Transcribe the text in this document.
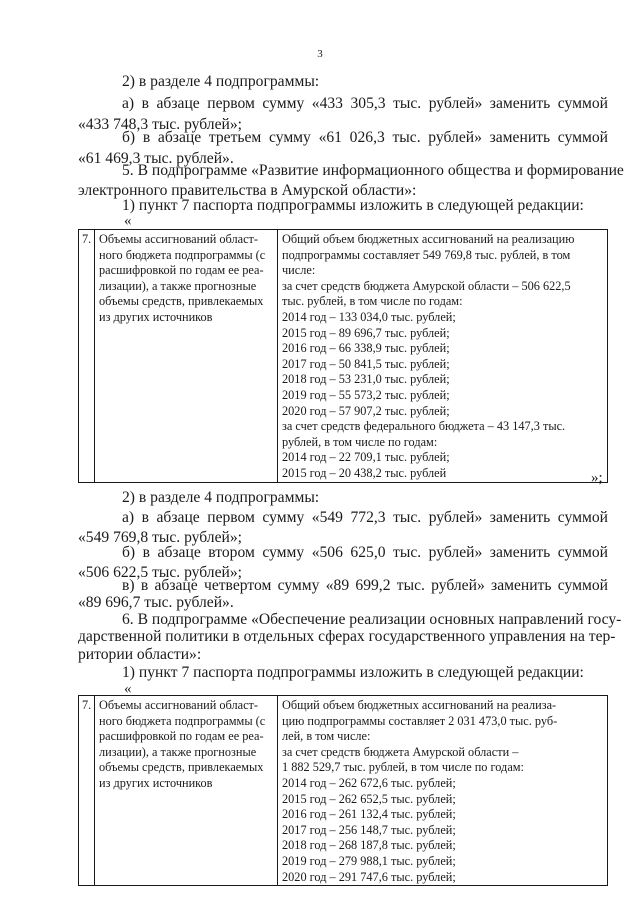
3
2) в разделе 4 подпрограммы:
а) в абзаце первом сумму «433 305,3 тыс. рублей» заменить суммой
«433 748,3 тыс. рублей»;
б) в абзаце третьем сумму «61 026,3 тыс. рублей» заменить суммой
«61 469,3 тыс. рублей».
5. В подпрограмме «Развитие информационного общества и формирование
электронного правительства в Амурской области»:
1) пункт 7 паспорта подпрограммы изложить в следующей редакции:
«
7.	Объемы ассигнований област-
ного бюджета подпрограммы (с
расшифровкой по годам ее реа-
лизации), а также прогнозные
объемы средств, привлекаемых
из других источников

Общий объем бюджетных ассигнований на реализацию
подпрограммы составляет 549 769,8 тыс. рублей, в том
числе:
за счет средств бюджета Амурской области – 506 622,5
тыс. рублей, в том числе по годам:
2014 год – 133 034,0 тыс. рублей;
2015 год – 89 696,7 тыс. рублей;
2016 год – 66 338,9 тыс. рублей;
2017 год – 50 841,5 тыс. рублей;
2018 год – 53 231,0 тыс. рублей;
2019 год – 55 573,2 тыс. рублей;
2020 год – 57 907,2 тыс. рублей;
за счет средств федерального бюджета – 43 147,3 тыс.
рублей, в том числе по годам:
2014 год – 22 709,1 тыс. рублей;
2015 год – 20 438,2 тыс. рублей	»;
2) в разделе 4 подпрограммы:
а) в абзаце первом сумму «549 772,3 тыс. рублей» заменить суммой
«549 769,8 тыс. рублей»;
б) в абзаце втором сумму «506 625,0 тыс. рублей» заменить суммой
«506 622,5 тыс. рублей»;
в) в абзаце четвертом сумму «89 699,2 тыс. рублей» заменить суммой
«89 696,7 тыс. рублей».
6. В подпрограмме «Обеспечение реализации основных направлений госу-
дарственной политики в отдельных сферах государственного управления на тер-
ритории области»:
1) пункт 7 паспорта подпрограммы изложить в следующей редакции:
«
7.	Объемы ассигнований област-
ного бюджета подпрограммы (с
расшифровкой по годам ее реа-
лизации), а также прогнозные
объемы средств, привлекаемых
из других источников

Общий объем бюджетных ассигнований на реализа-
цию подпрограммы составляет 2 031 473,0 тыс. руб-
лей, в том числе:
за счет средств бюджета Амурской области –
1 882 529,7 тыс. рублей, в том числе по годам:
2014 год – 262 672,6 тыс. рублей;
2015 год – 262 652,5 тыс. рублей;
2016 год – 261 132,4 тыс. рублей;
2017 год – 256 148,7 тыс. рублей;
2018 год – 268 187,8 тыс. рублей;
2019 год – 279 988,1 тыс. рублей;
2020 год – 291 747,6 тыс. рублей;
